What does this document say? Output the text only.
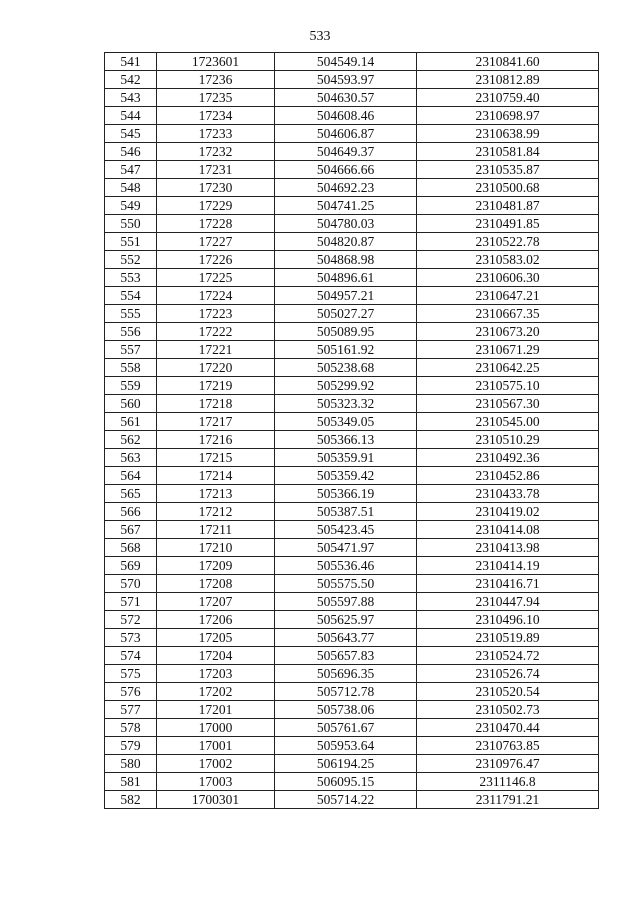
533
541	1723601	504549.14	2310841.60
542	17236	504593.97	2310812.89
543	17235	504630.57	2310759.40
544	17234	504608.46	2310698.97
545	17233	504606.87	2310638.99
546	17232	504649.37	2310581.84
547	17231	504666.66	2310535.87
548	17230	504692.23	2310500.68
549	17229	504741.25	2310481.87
550	17228	504780.03	2310491.85
551	17227	504820.87	2310522.78
552	17226	504868.98	2310583.02
553	17225	504896.61	2310606.30
554	17224	504957.21	2310647.21
555	17223	505027.27	2310667.35
556	17222	505089.95	2310673.20
557	17221	505161.92	2310671.29
558	17220	505238.68	2310642.25
559	17219	505299.92	2310575.10
560	17218	505323.32	2310567.30
561	17217	505349.05	2310545.00
562	17216	505366.13	2310510.29
563	17215	505359.91	2310492.36
564	17214	505359.42	2310452.86
565	17213	505366.19	2310433.78
566	17212	505387.51	2310419.02
567	17211	505423.45	2310414.08
568	17210	505471.97	2310413.98
569	17209	505536.46	2310414.19
570	17208	505575.50	2310416.71
571	17207	505597.88	2310447.94
572	17206	505625.97	2310496.10
573	17205	505643.77	2310519.89
574	17204	505657.83	2310524.72
575	17203	505696.35	2310526.74
576	17202	505712.78	2310520.54
577	17201	505738.06	2310502.73
578	17000	505761.67	2310470.44
579	17001	505953.64	2310763.85
580	17002	506194.25	2310976.47
581	17003	506095.15	2311146.8
582	1700301	505714.22	2311791.21
